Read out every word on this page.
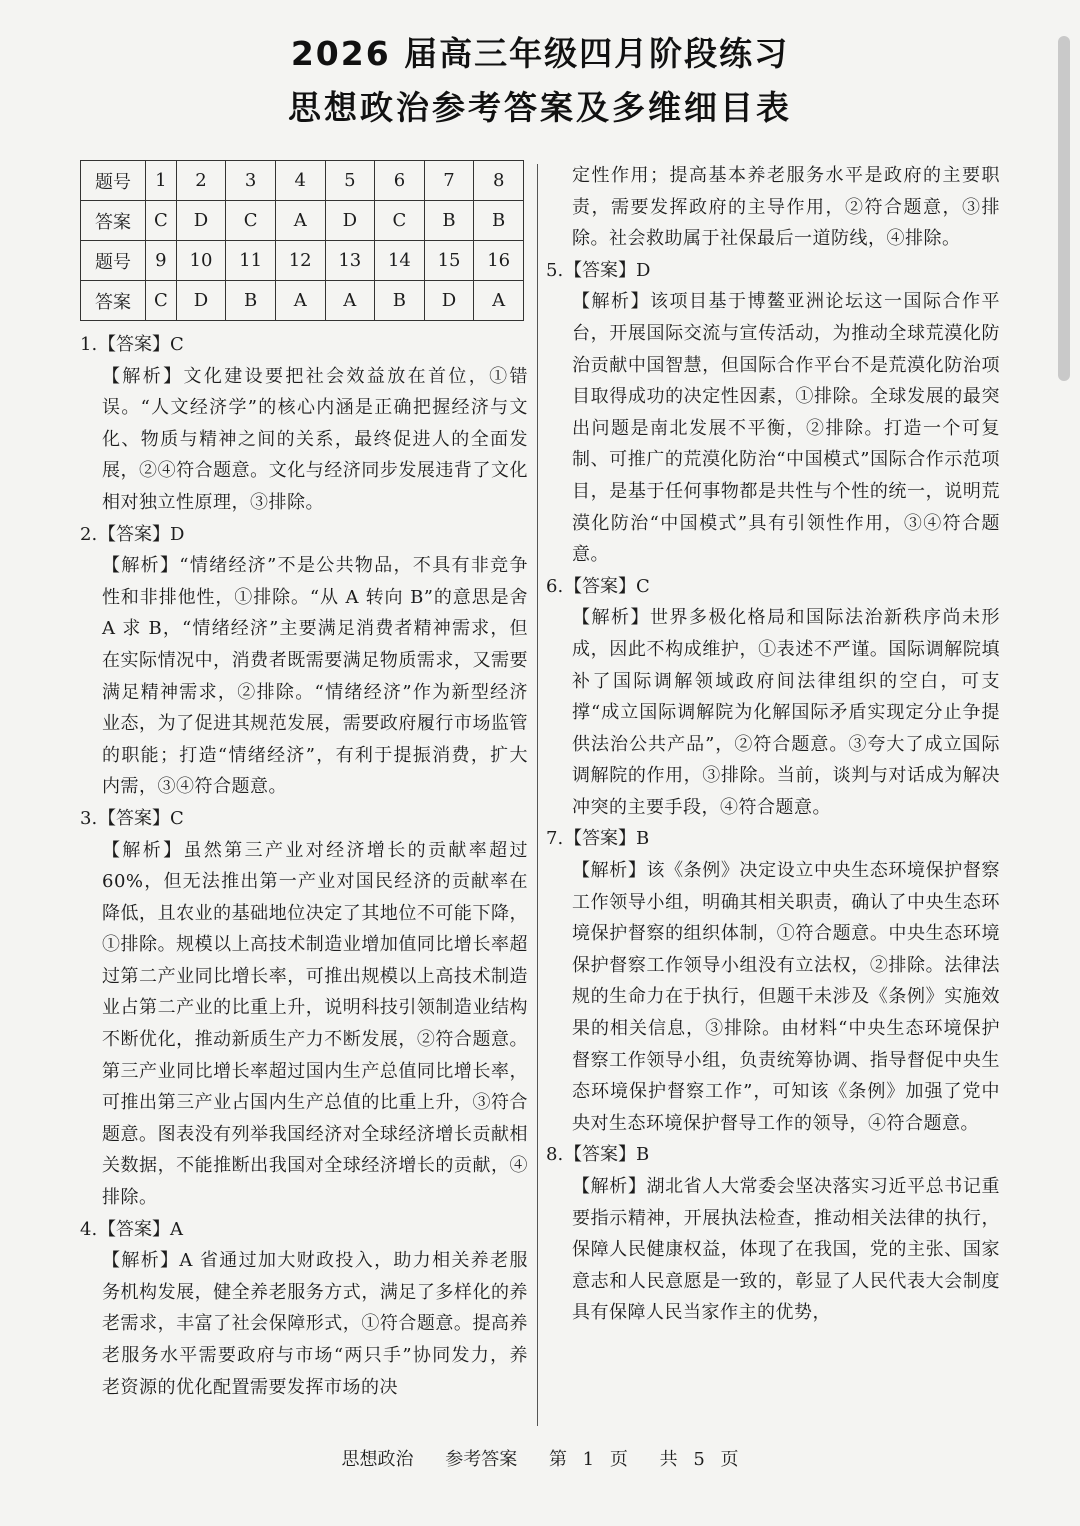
2026 届高三年级四月阶段练习
思想政治参考答案及多维细目表
题号	1	2	3	4	5	6	7	8
答案	C	D	C	A	D	C	B	B
题号	9	10	11	12	13	14	15	16
答案	C	D	B	A	A	B	D	A

1.【答案】C

【解析】文化建设要把社会效益放在首位，①错误。“人文经济学”的核心内涵是正确把握经济与文化、物质与精神之间的关系，最终促进人的全面发展，②④符合题意。文化与经济同步发展违背了文化相对独立性原理，③排除。

2.【答案】D

【解析】“情绪经济”不是公共物品，不具有非竞争性和非排他性，①排除。“从 A 转向 B”的意思是舍 A 求 B，“情绪经济”主要满足消费者精神需求，但在实际情况中，消费者既需要满足物质需求，又需要满足精神需求，②排除。“情绪经济”作为新型经济业态，为了促进其规范发展，需要政府履行市场监管的职能；打造“情绪经济”，有利于提振消费，扩大内需，③④符合题意。

3.【答案】C

【解析】虽然第三产业对经济增长的贡献率超过60%，但无法推出第一产业对国民经济的贡献率在降低，且农业的基础地位决定了其地位不可能下降，①排除。规模以上高技术制造业增加值同比增长率超过第二产业同比增长率，可推出规模以上高技术制造业占第二产业的比重上升，说明科技引领制造业结构不断优化，推动新质生产力不断发展，②符合题意。第三产业同比增长率超过国内生产总值同比增长率，可推出第三产业占国内生产总值的比重上升，③符合题意。图表没有列举我国经济对全球经济增长贡献相关数据，不能推断出我国对全球经济增长的贡献，④排除。

4.【答案】A

【解析】A 省通过加大财政投入，助力相关养老服务机构发展，健全养老服务方式，满足了多样化的养老需求，丰富了社会保障形式，①符合题意。提高养老服务水平需要政府与市场“两只手”协同发力，养老资源的优化配置需要发挥市场的决

定性作用；提高基本养老服务水平是政府的主要职责，需要发挥政府的主导作用，②符合题意，③排除。社会救助属于社保最后一道防线，④排除。

5.【答案】D

【解析】该项目基于博鳌亚洲论坛这一国际合作平台，开展国际交流与宣传活动，为推动全球荒漠化防治贡献中国智慧，但国际合作平台不是荒漠化防治项目取得成功的决定性因素，①排除。全球发展的最突出问题是南北发展不平衡，②排除。打造一个可复制、可推广的荒漠化防治“中国模式”国际合作示范项目，是基于任何事物都是共性与个性的统一，说明荒漠化防治“中国模式”具有引领性作用，③④符合题意。

6.【答案】C

【解析】世界多极化格局和国际法治新秩序尚未形成，因此不构成维护，①表述不严谨。国际调解院填补了国际调解领域政府间法律组织的空白，可支撑“成立国际调解院为化解国际矛盾实现定分止争提供法治公共产品”，②符合题意。③夸大了成立国际调解院的作用，③排除。当前，谈判与对话成为解决冲突的主要手段，④符合题意。

7.【答案】B

【解析】该《条例》决定设立中央生态环境保护督察工作领导小组，明确其相关职责，确认了中央生态环境保护督察的组织体制，①符合题意。中央生态环境保护督察工作领导小组没有立法权，②排除。法律法规的生命力在于执行，但题干未涉及《条例》实施效果的相关信息，③排除。由材料“中央生态环境保护督察工作领导小组，负责统筹协调、指导督促中央生态环境保护督察工作”，可知该《条例》加强了党中央对生态环境保护督导工作的领导，④符合题意。

8.【答案】B

【解析】湖北省人大常委会坚决落实习近平总书记重要指示精神，开展执法检查，推动相关法律的执行，保障人民健康权益，体现了在我国，党的主张、国家意志和人民意愿是一致的，彰显了人民代表大会制度具有保障人民当家作主的优势，

思想政治 参考答案 第 1 页 共 5 页
